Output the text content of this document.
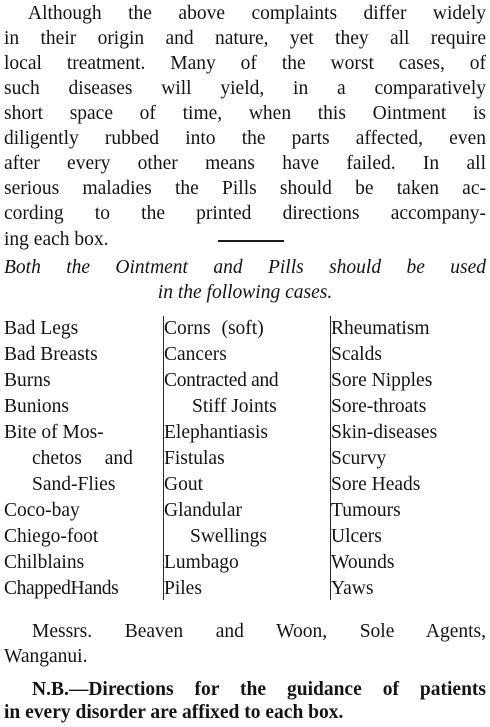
Although the above complaints differ widely
in their origin and nature, yet they all require
local treatment. Many of the worst cases, of
such diseases will yield, in a comparatively
short space of time, when this Ointment is
diligently rubbed into the parts affected, even
after every other means have failed. In all
serious maladies the Pills should be taken ac-
cording to the printed directions accompany-
ing each box.
Both the Ointment and Pills should be used
in the following cases.
Bad Legs
Bad Breasts
Burns
Bunions
Bite of Mos-
chetos and
Sand-Flies
Coco-bay
Chiego-foot
Chilblains
ChappedHands
Corns (soft)
Cancers
Contracted and
Stiff Joints
Elephantiasis
Fistulas
Gout
Glandular
Swellings
Lumbago
Piles
Rheumatism
Scalds
Sore Nipples
Sore-throats
Skin-diseases
Scurvy
Sore Heads
Tumours
Ulcers
Wounds
Yaws
Messrs. Beaven and Woon, Sole Agents,
Wanganui.
N.B.—Directions for the guidance of patients
in every disorder are affixed to each box.
